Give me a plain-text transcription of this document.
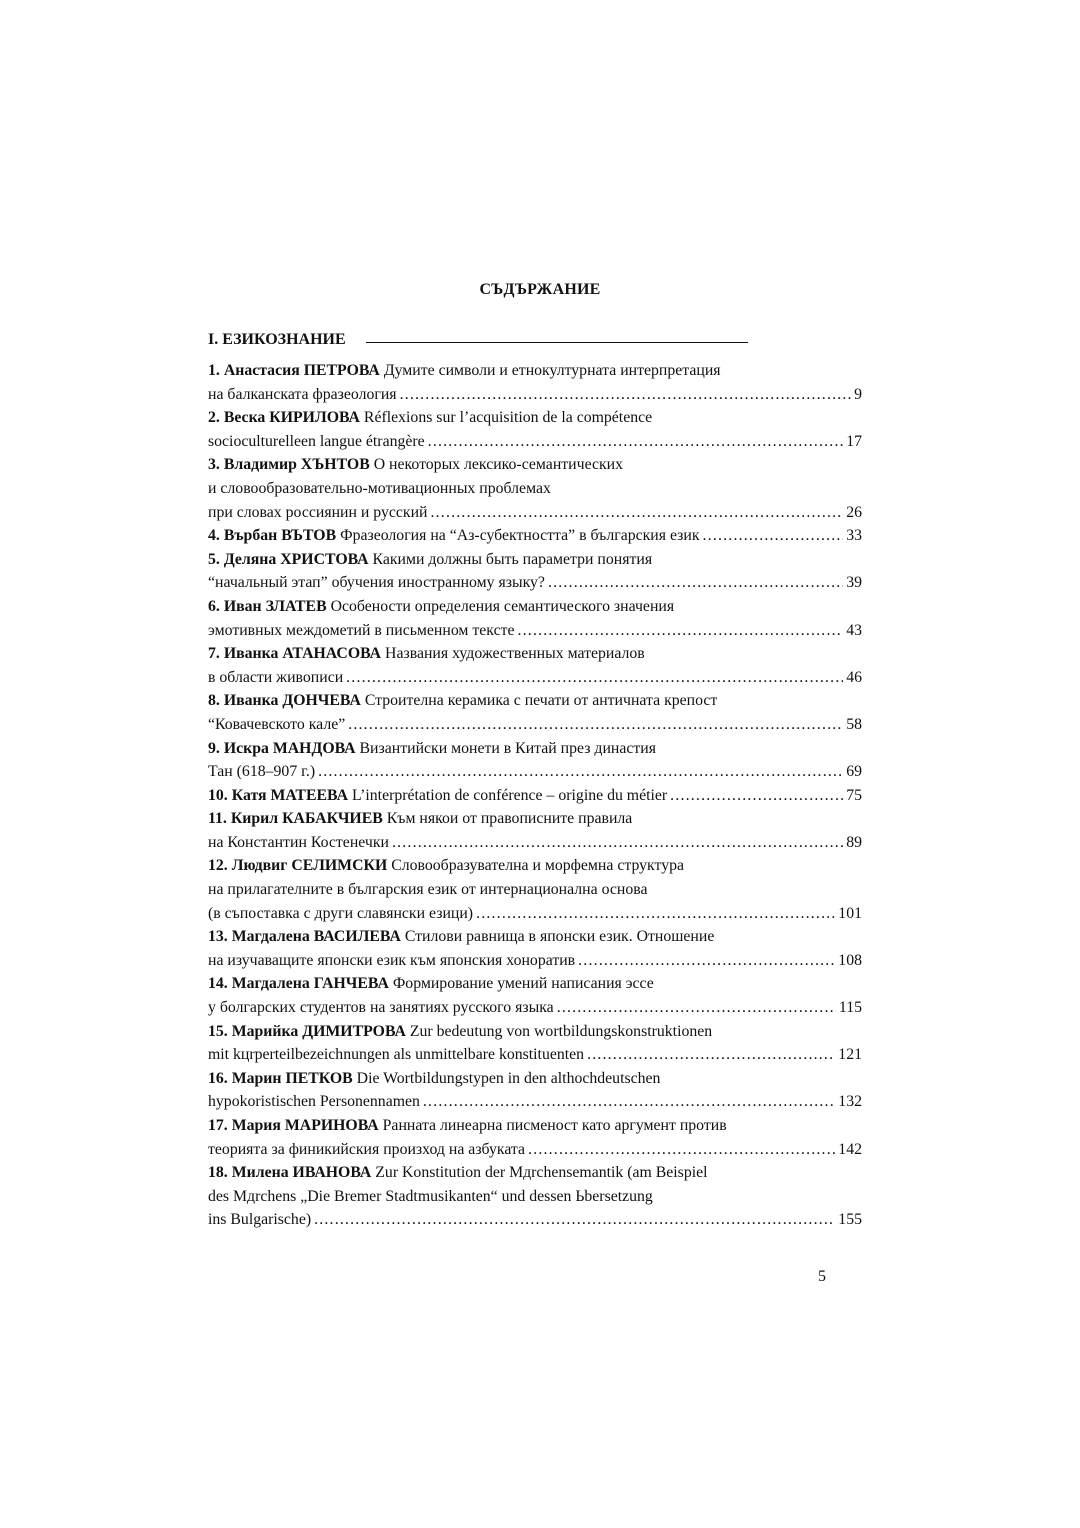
СЪДЪРЖАНИЕ
I. ЕЗИКОЗНАНИЕ
1. Анастасия ПЕТРОВА Думите символи и етнокултурната интерпретация
на балканската фразеология .....	9
2. Веска КИРИЛОВА Réflexions sur l’acquisition de la compétence
socioculturelleen langue étrangère .....	17
3. Владимир ХЪНТОВ О некоторых лексико-семантических
и словообразовательно-мотивационных проблемах
при словах россиянин и русский .....	26
4. Върбан ВЪТОВ Фразеология на “Аз-субектността” в българския език .....	33
5. Деляна ХРИСТОВА Какими должны быть параметри понятия
“начальный этап” обучения иностранному языку? .....	39
6. Иван ЗЛАТЕВ Особености определения семантического значения
эмотивных междометий в письменном тексте .....	43
7. Иванка АТАНАСОВА Названия художественных материалов
в области живописи .....	46
8. Иванка ДОНЧЕВА Строителна керамика с печати от античната крепост
“Ковачевското кале” .....	58
9. Искра МАНДОВА Византийски монети в Китай през династия
Тан (618–907 г.) .....	69
10. Катя МАТЕЕВА L’interprétation de conférence – origine du métier .....	75
11. Кирил КАБАКЧИЕВ Към някои от правописните правила
на Константин Костенечки .....	89
12. Людвиг СЕЛИМСКИ Словообразувателна и морфемна структура
на прилагателните в българския език от интернационална основа
(в съпоставка с други славянски езици) .....	101
13. Магдалена ВАСИЛЕВА Стилови равнища в японски език. Отношение
на изучаващите японски език към японския хоноратив .....	108
14. Магдалена ГАНЧЕВА Формирование умений написания эссе
у болгарских студентов на занятиях русского языка .....	115
15. Марийка ДИМИТРОВА Zur bedeutung von wortbildungskonstruktionen
mit kцrperteilbezeichnungen als unmittelbare konstituenten .....	121
16. Марин ПЕТКОВ Die Wortbildungstypen in den althochdeutschen
hypokoristischen Personennamen .....	132
17. Мария МАРИНОВА Ранната линеарна писменост като аргумент против
теорията за финикийския произход на азбуката .....	142
18. Милена ИВАНОВА Zur Konstitution der Mдrchensemantik (am Beispiel
des Mдrchens „Die Bremer Stadtmusikanten“ und dessen Ьbersetzung
ins Bulgarische) .....	155
5
